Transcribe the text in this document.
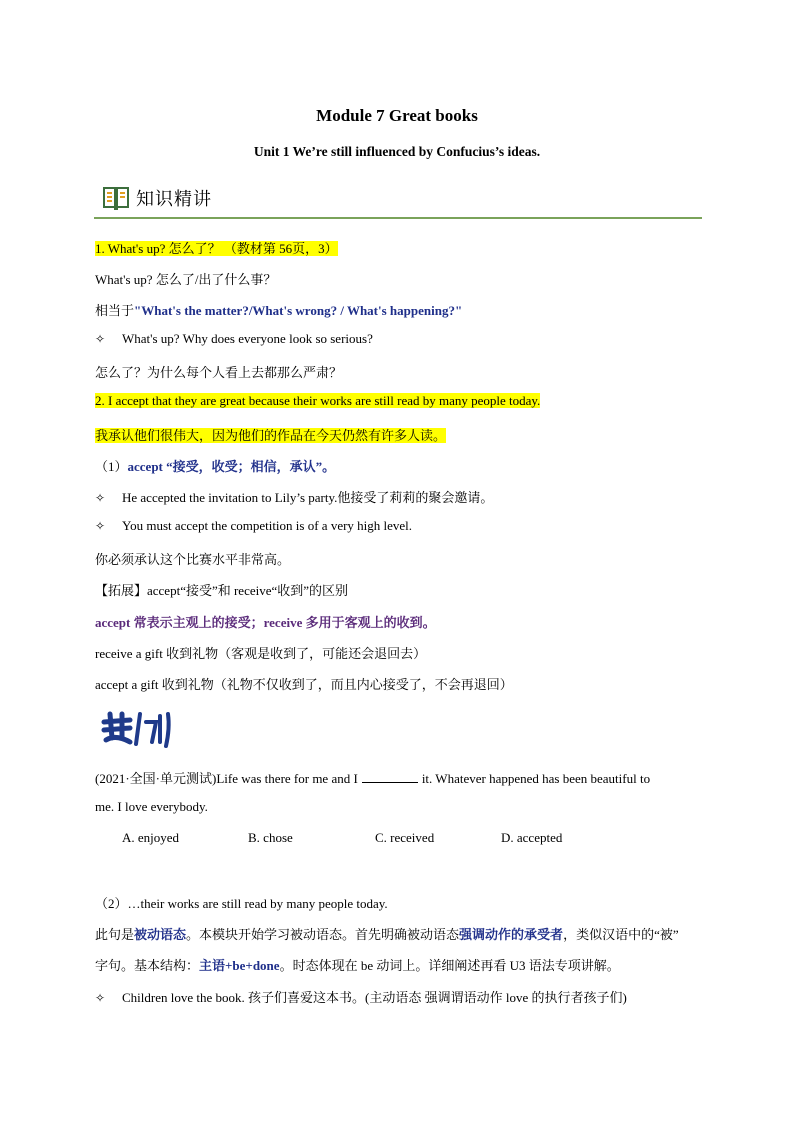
Module 7 Great books
Unit 1 We’re still influenced by Confucius’s ideas.
知识精讲
1. What's up? 怎么了？ （教材第 56页，3）
What's up? 怎么了/出了什么事？
相当于"What's the matter?/What's wrong? / What's happening?"
✧ What's up? Why does everyone look so serious?
怎么了？为什么每个人看上去都那么严肃？
2. I accept that they are great because their works are still read by many people today.
我承认他们很伟大，因为他们的作品在今天仍然有许多人读。
（1）accept “接受，收受；相信，承认”。
✧ He accepted the invitation to Lily’s party.他接受了莉莉的聚会邀请。
✧ You must accept the competition is of a very high level.
你必须承认这个比赛水平非常高。
【拓展】accept“接受”和 receive“收到”的区别
accept 常表示主观上的接受；receive 多用于客观上的收到。
receive a gift 收到礼物（客观是收到了，可能还会退回去）
accept a gift 收到礼物（礼物不仅收到了，而且内心接受了，不会再退回）
(2021·全国·单元测试)Life was there for me and I	it. Whatever happened has been beautiful to
me. I love everybody.
A. enjoyed	B. chose	C. received	D. accepted
（2）…their works are still read by many people today.
此句是被动语态。本模块开始学习被动语态。首先明确被动语态强调动作的承受者，类似汉语中的“被”
字句。基本结构：主语+be+done。时态体现在 be 动词上。详细阐述再看 U3 语法专项讲解。
✧ Children love the book. 孩子们喜爱这本书。(主动语态 强调谓语动作 love 的执行者孩子们)
